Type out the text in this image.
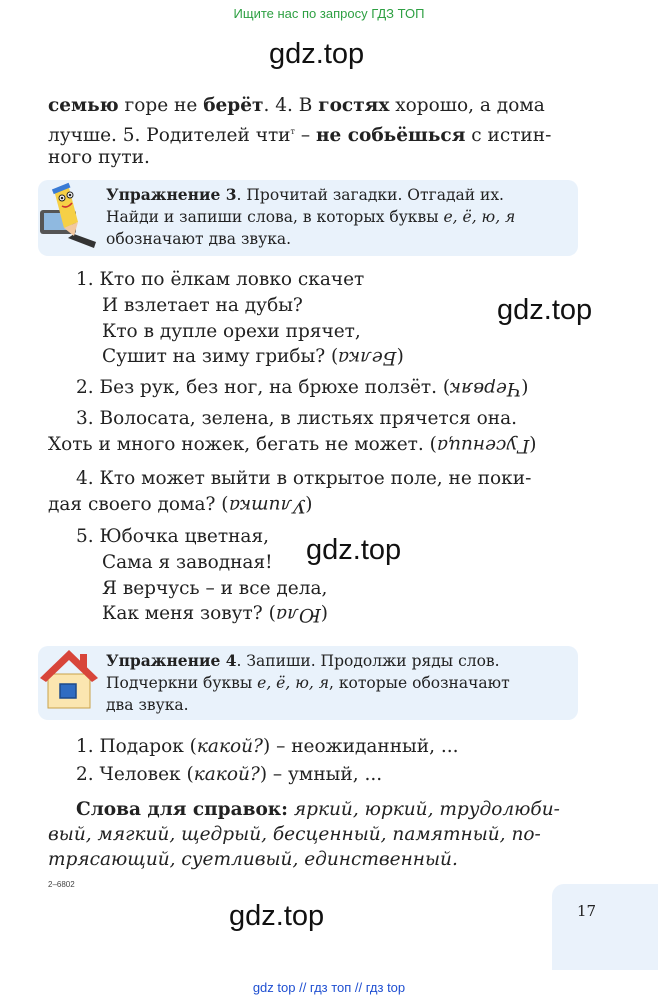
Ищите нас по запросу ГДЗ ТОП
gdz.top
семью горе не берёт. 4. В гостях хорошо, а дома
лучше. 5. Родителей чти$^т$ – не собьёшься с истин-
ного пути.
Упражнение 3. Прочитай загадки. Отгадай их.
Найди и запиши слова, в которых буквы е, ё, ю, я
обозначают два звука.
1. Кто по ёлкам ловко скачет
И взлетает на дубы?
Кто в дупле орехи прячет,
Сушит на зиму грибы? (Белка)
gdz.top
2. Без рук, без ног, на брюхе ползёт. (Червяк)
3. Волосата, зелена, в листьях прячется она.
Хоть и много ножек, бегать не может. (Гусеница)
4. Кто может выйти в открытое поле, не поки-
дая своего дома? (Улитка)
5. Юбочка цветная,
Сама я заводная!
Я верчусь – и все дела,
Как меня зовут? (Юла)
gdz.top
Упражнение 4. Запиши. Продолжи ряды слов.
Подчеркни буквы е, ё, ю, я, которые обозначают
два звука.
1. Подарок (какой?) – неожиданный, ...
2. Человек (какой?) – умный, ...
Слова для справок: яркий, юркий, трудолюби-
вый, мягкий, щедрый, бесценный, памятный, по-
трясающий, суетливый, единственный.
2–6802
gdz.top	17
gdz top // гдз топ // гдз top
